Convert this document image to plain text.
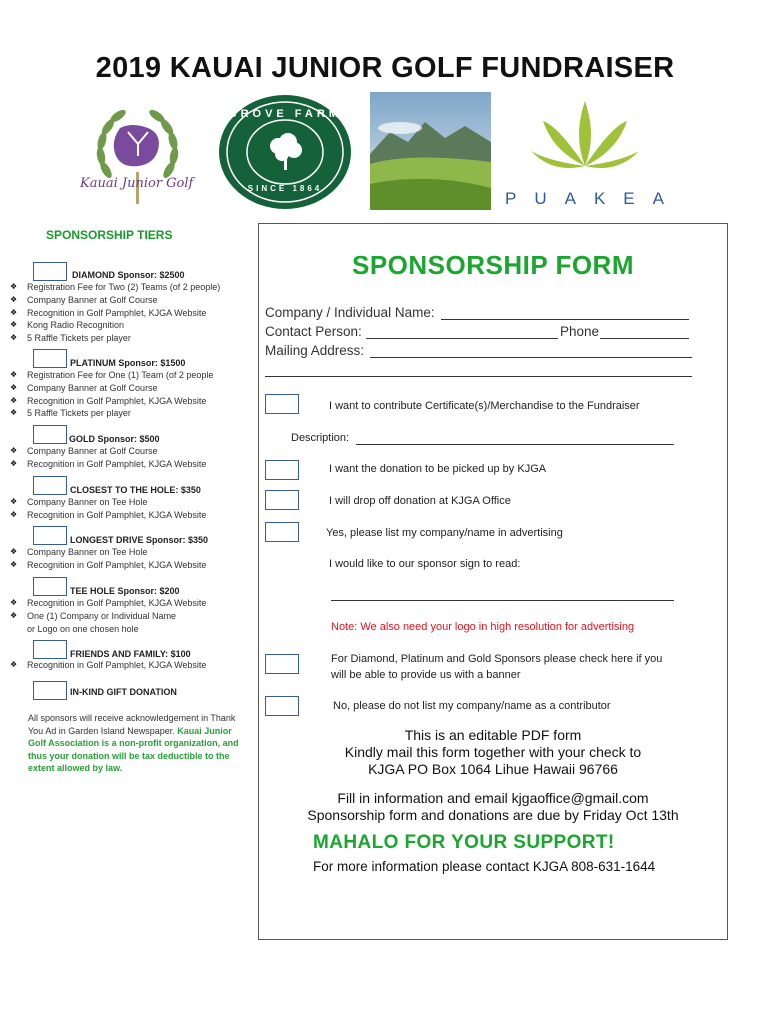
2019 KAUAI JUNIOR GOLF FUNDRAISER
Kauai Junior Golf
GROVE FARM
SINCE 1864
PUAKEA
SPONSORSHIP TIERS
DIAMOND Sponsor: $2500
❖	Registration Fee for Two (2) Teams (of 2 people)
❖	Company Banner at Golf Course
❖	Recognition in Golf Pamphlet, KJGA Website
❖	Kong Radio Recognition
❖	5 Raffle Tickets per player
PLATINUM Sponsor: $1500
❖	Registration Fee for One (1) Team (of 2 people
❖	Company Banner at Golf Course
❖	Recognition in Golf Pamphlet, KJGA Website
❖	5 Raffle Tickets per player
GOLD Sponsor: $500
❖	Company Banner at Golf Course
❖	Recognition in Golf Pamphlet, KJGA Website
CLOSEST TO THE HOLE: $350
❖	Company Banner on Tee Hole
❖	Recognition in Golf Pamphlet, KJGA Website
LONGEST DRIVE Sponsor: $350
❖	Company Banner on Tee Hole
❖	Recognition in Golf Pamphlet, KJGA Website
TEE HOLE Sponsor: $200
❖	Recognition in Golf Pamphlet, KJGA Website
❖	One (1) Company or Individual Name
or Logo on one chosen hole
FRIENDS AND FAMILY: $100
❖	Recognition in Golf Pamphlet, KJGA Website
IN-KIND GIFT DONATION
All sponsors will receive acknowledgement in Thank You Ad in Garden Island Newspaper. Kauai Junior Golf Association is a non-profit organization, and thus your donation will be tax deductible to the extent allowed by law.
SPONSORSHIP FORM
Company / Individual Name:
Contact Person:	Phone
Mailing Address:
I want to contribute Certificate(s)/Merchandise to the Fundraiser
Description:
I want the donation to be picked up by KJGA
I will drop off donation at KJGA Office
Yes, please list my company/name in advertising
I would like to our sponsor sign to read:
Note: We also need your logo in high resolution for advertising
For Diamond, Platinum and Gold Sponsors please check here if you
will be able to provide us with a banner
No, please do not list my company/name as a contributor
This is an editable PDF form
Kindly mail this form together with your check to
KJGA PO Box 1064 Lihue Hawaii 96766
Fill in information and email kjgaoffice@gmail.com
Sponsorship form and donations are due by Friday Oct 13th
MAHALO FOR YOUR SUPPORT!
For more information please contact KJGA 808-631-1644
